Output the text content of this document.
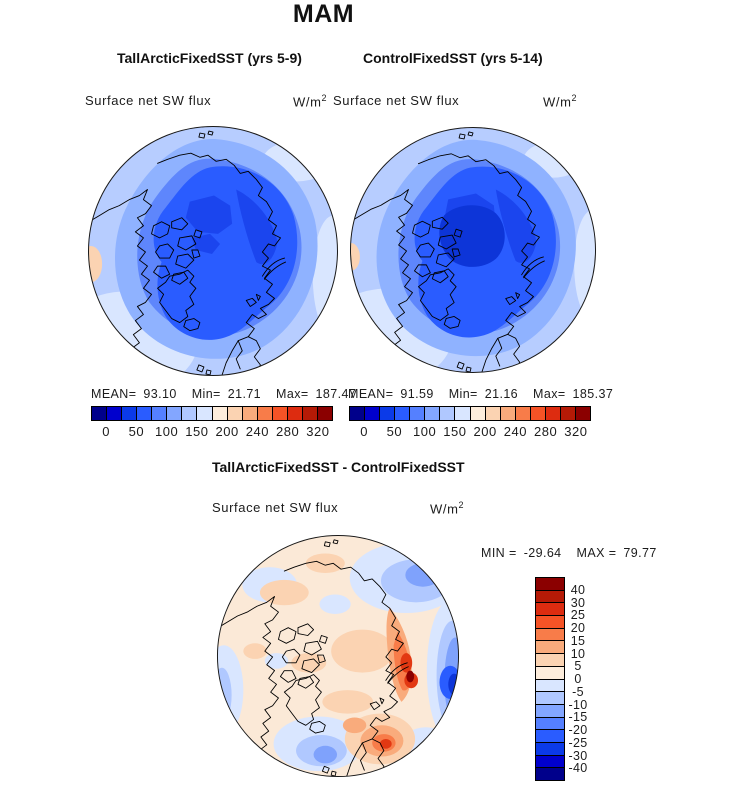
MAM
TallArcticFixedSST (yrs 5-9)	ControlFixedSST (yrs 5-14)
Surface net SW flux	$W/m^2$ Surface net SW flux	$W/m^2$
MEAN= 93.10 Min= 21.71 Max= 187.47
MEAN= 91.59 Min= 21.16 Max= 185.37
0 50 100 150 200 240 280 320 0 50 100 150 200 240 280 320
TallArcticFixedSST - ControlFixedSST
Surface net SW flux	$W/m^2$
MIN = -29.64 MAX = 79.77
40
30
25
20
15
10
5
0
-5
-10
-15
-20
-25
-30
-40
